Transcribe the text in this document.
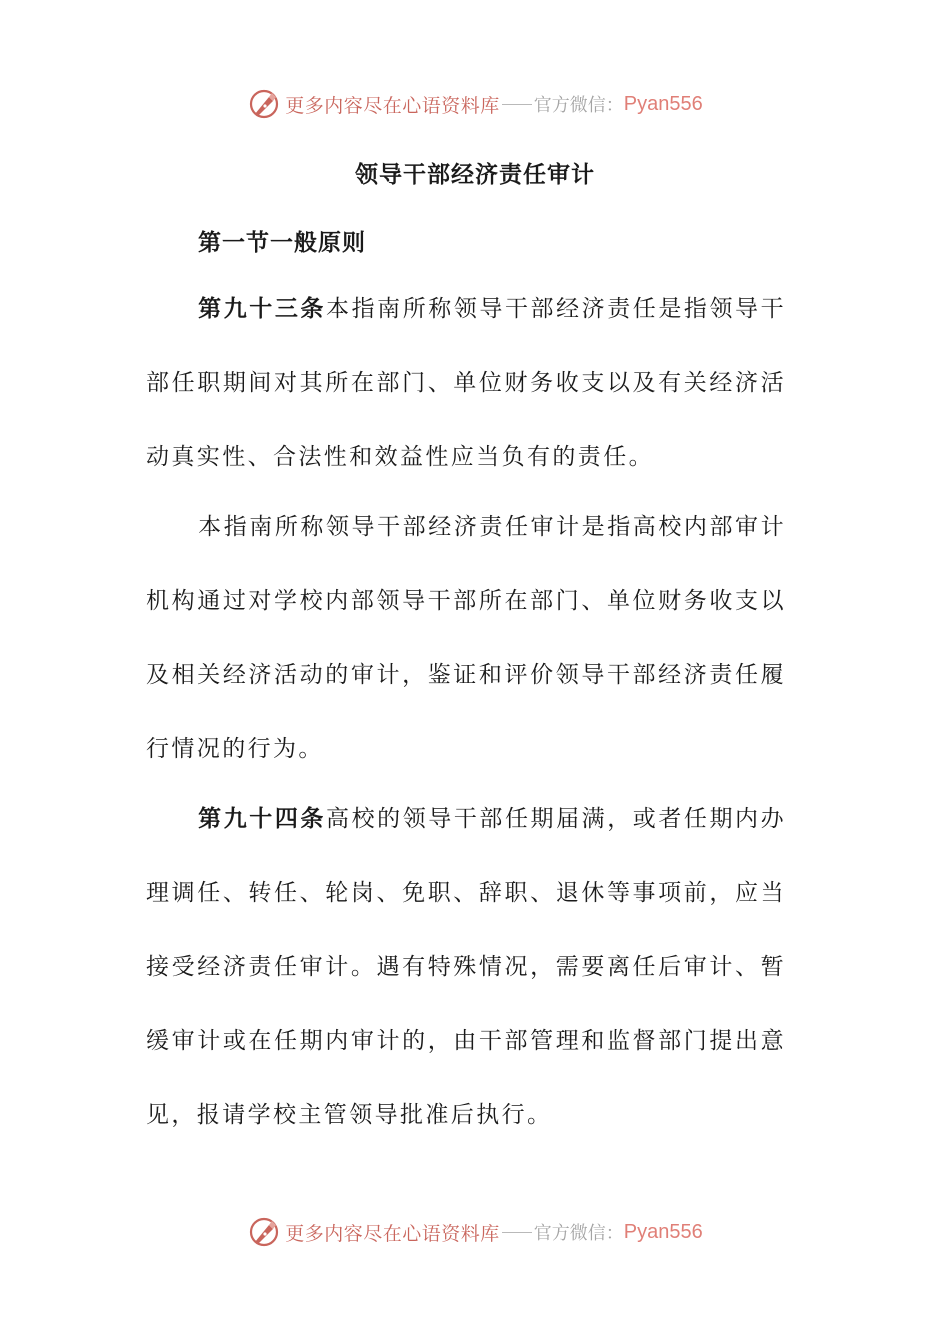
更多内容尽在心语资料库 官方微信： Pyan556
领导干部经济责任审计
第一节一般原则
第九十三条本指南所称领导干部经济责任是指领导干部任职期间对其所在部门、单位财务收支以及有关经济活动真实性、合法性和效益性应当负有的责任。
本指南所称领导干部经济责任审计是指高校内部审计机构通过对学校内部领导干部所在部门、单位财务收支以及相关经济活动的审计，鉴证和评价领导干部经济责任履行情况的行为。
第九十四条高校的领导干部任期届满，或者任期内办理调任、转任、轮岗、免职、辞职、退休等事项前，应当接受经济责任审计。遇有特殊情况，需要离任后审计、暂缓审计或在任期内审计的，由干部管理和监督部门提出意见，报请学校主管领导批准后执行。
更多内容尽在心语资料库 官方微信： Pyan556
